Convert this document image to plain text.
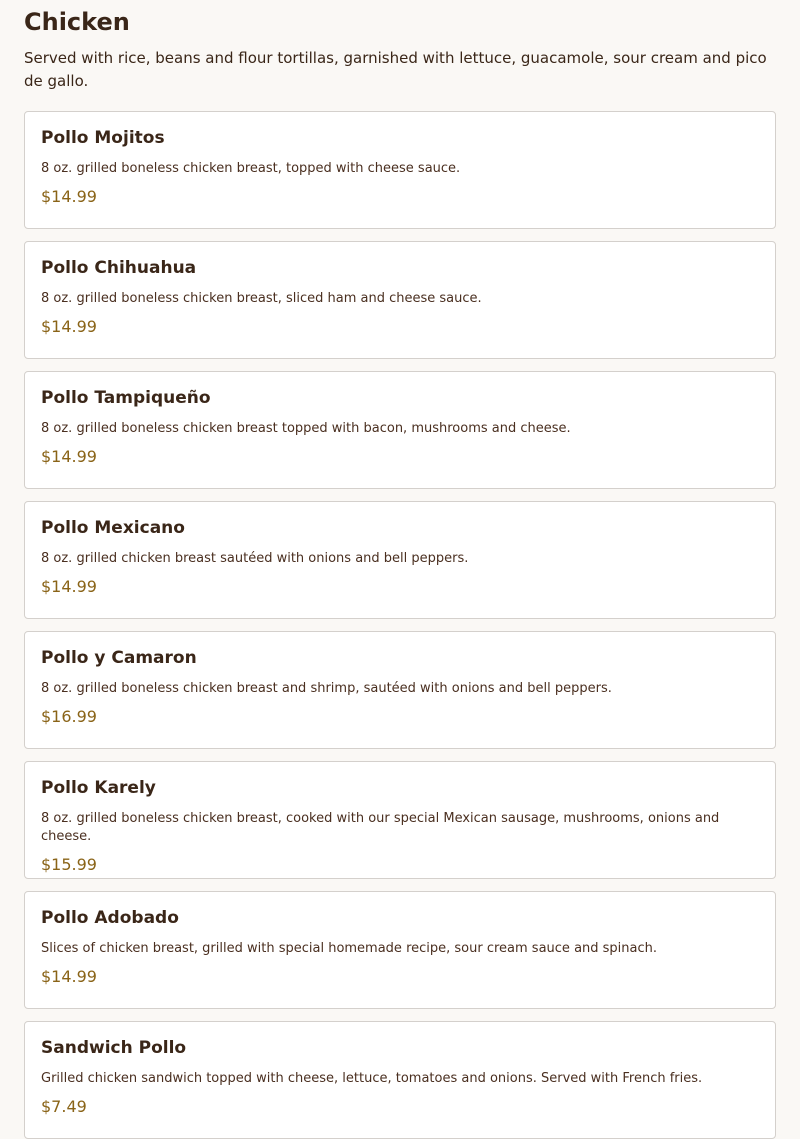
Chicken

Served with rice, beans and flour tortillas, garnished with lettuce, guacamole, sour cream and pico de gallo.

Pollo Mojitos

8 oz. grilled boneless chicken breast, topped with cheese sauce.

$14.99

Pollo Chihuahua

8 oz. grilled boneless chicken breast, sliced ham and cheese sauce.

$14.99

Pollo Tampiqueño

8 oz. grilled boneless chicken breast topped with bacon, mushrooms and cheese.

$14.99

Pollo Mexicano

8 oz. grilled chicken breast sautéed with onions and bell peppers.

$14.99

Pollo y Camaron

8 oz. grilled boneless chicken breast and shrimp, sautéed with onions and bell peppers.

$16.99

Pollo Karely

8 oz. grilled boneless chicken breast, cooked with our special Mexican sausage, mushrooms, onions and cheese.

$15.99

Pollo Adobado

Slices of chicken breast, grilled with special homemade recipe, sour cream sauce and spinach.

$14.99

Sandwich Pollo

Grilled chicken sandwich topped with cheese, lettuce, tomatoes and onions. Served with French fries.

$7.49
